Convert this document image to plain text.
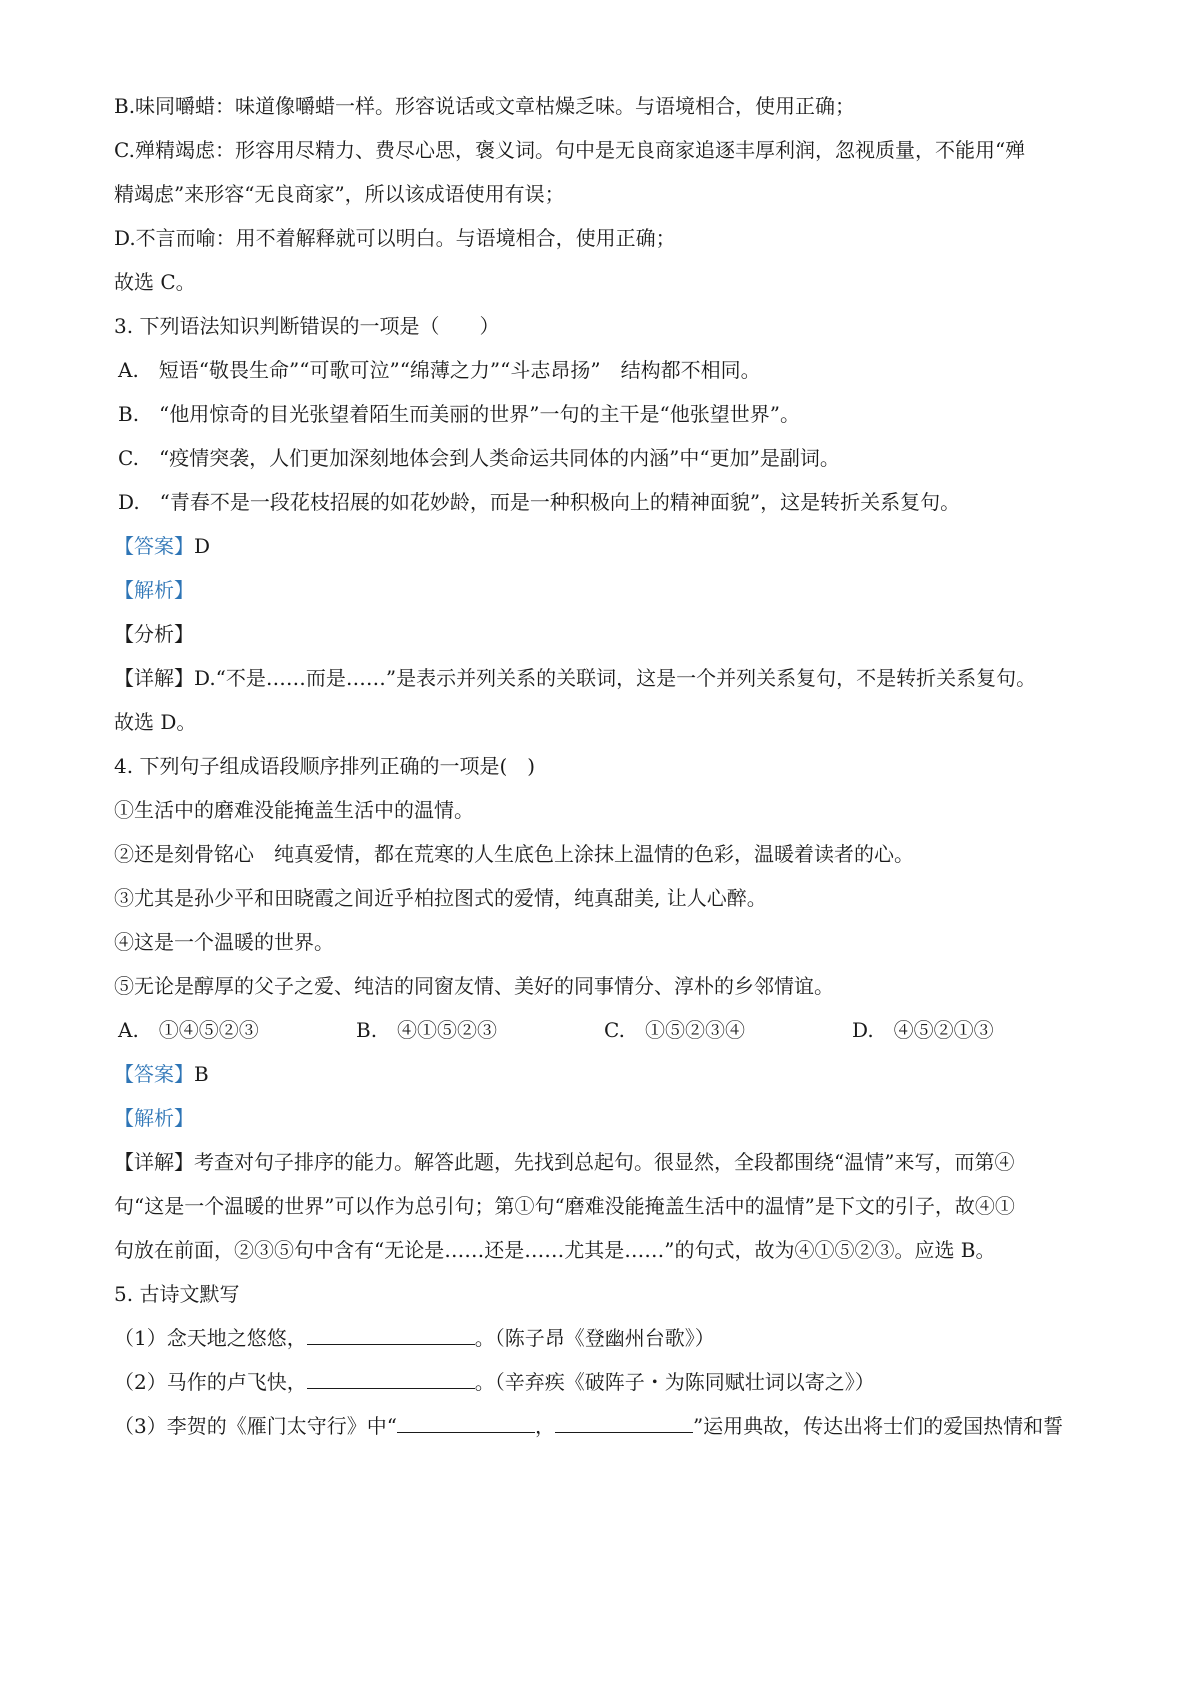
B.味同嚼蜡：味道像嚼蜡一样。形容说话或文章枯燥乏味。与语境相合，使用正确；
C.殚精竭虑：形容用尽精力、费尽心思，褒义词。句中是无良商家追逐丰厚利润，忽视质量，不能用“殚
精竭虑”来形容“无良商家”，所以该成语使用有误；
D.不言而喻：用不着解释就可以明白。与语境相合，使用正确；
故选 C。
3. 下列语法知识判断错误的一项是（　　）
A.　短语“敬畏生命”“可歌可泣”“绵薄之力”“斗志昂扬”　结构都不相同。
B.　“他用惊奇的目光张望着陌生而美丽的世界”一句的主干是“他张望世界”。
C.　“疫情突袭，人们更加深刻地体会到人类命运共同体的内涵”中“更加”是副词。
D.　“青春不是一段花枝招展的如花妙龄，而是一种积极向上的精神面貌”，这是转折关系复句。
【答案】D
【解析】
【分析】
【详解】D.“不是……而是……”是表示并列关系的关联词，这是一个并列关系复句，不是转折关系复句。
故选 D。
4. 下列句子组成语段顺序排列正确的一项是(　)
①生活中的磨难没能掩盖生活中的温情。
②还是刻骨铭心　纯真爱情，都在荒寒的人生底色上涂抹上温情的色彩，温暖着读者的心。
③尤其是孙少平和田晓霞之间近乎柏拉图式的爱情，纯真甜美, 让人心醉。
④这是一个温暖的世界。
⑤无论是醇厚的父子之爱、纯洁的同窗友情、美好的同事情分、淳朴的乡邻情谊。
A.　①④⑤②③	B.　④①⑤②③	C.　①⑤②③④	D.　④⑤②①③
【答案】B
【解析】
【详解】考查对句子排序的能力。解答此题，先找到总起句。很显然，全段都围绕“温情”来写，而第④
句“这是一个温暖的世界”可以作为总引句；第①句“磨难没能掩盖生活中的温情”是下文的引子，故④①
句放在前面，②③⑤句中含有“无论是……还是……尤其是……”的句式，故为④①⑤②③。应选 B。
5. 古诗文默写
（1）念天地之悠悠，	。（陈子昂《登幽州台歌》）
（2）马作的卢飞快，	。（辛弃疾《破阵子・为陈同赋壮词以寄之》）
（3）李贺的《雁门太守行》中“	，	”运用典故，传达出将士们的爱国热情和誓
